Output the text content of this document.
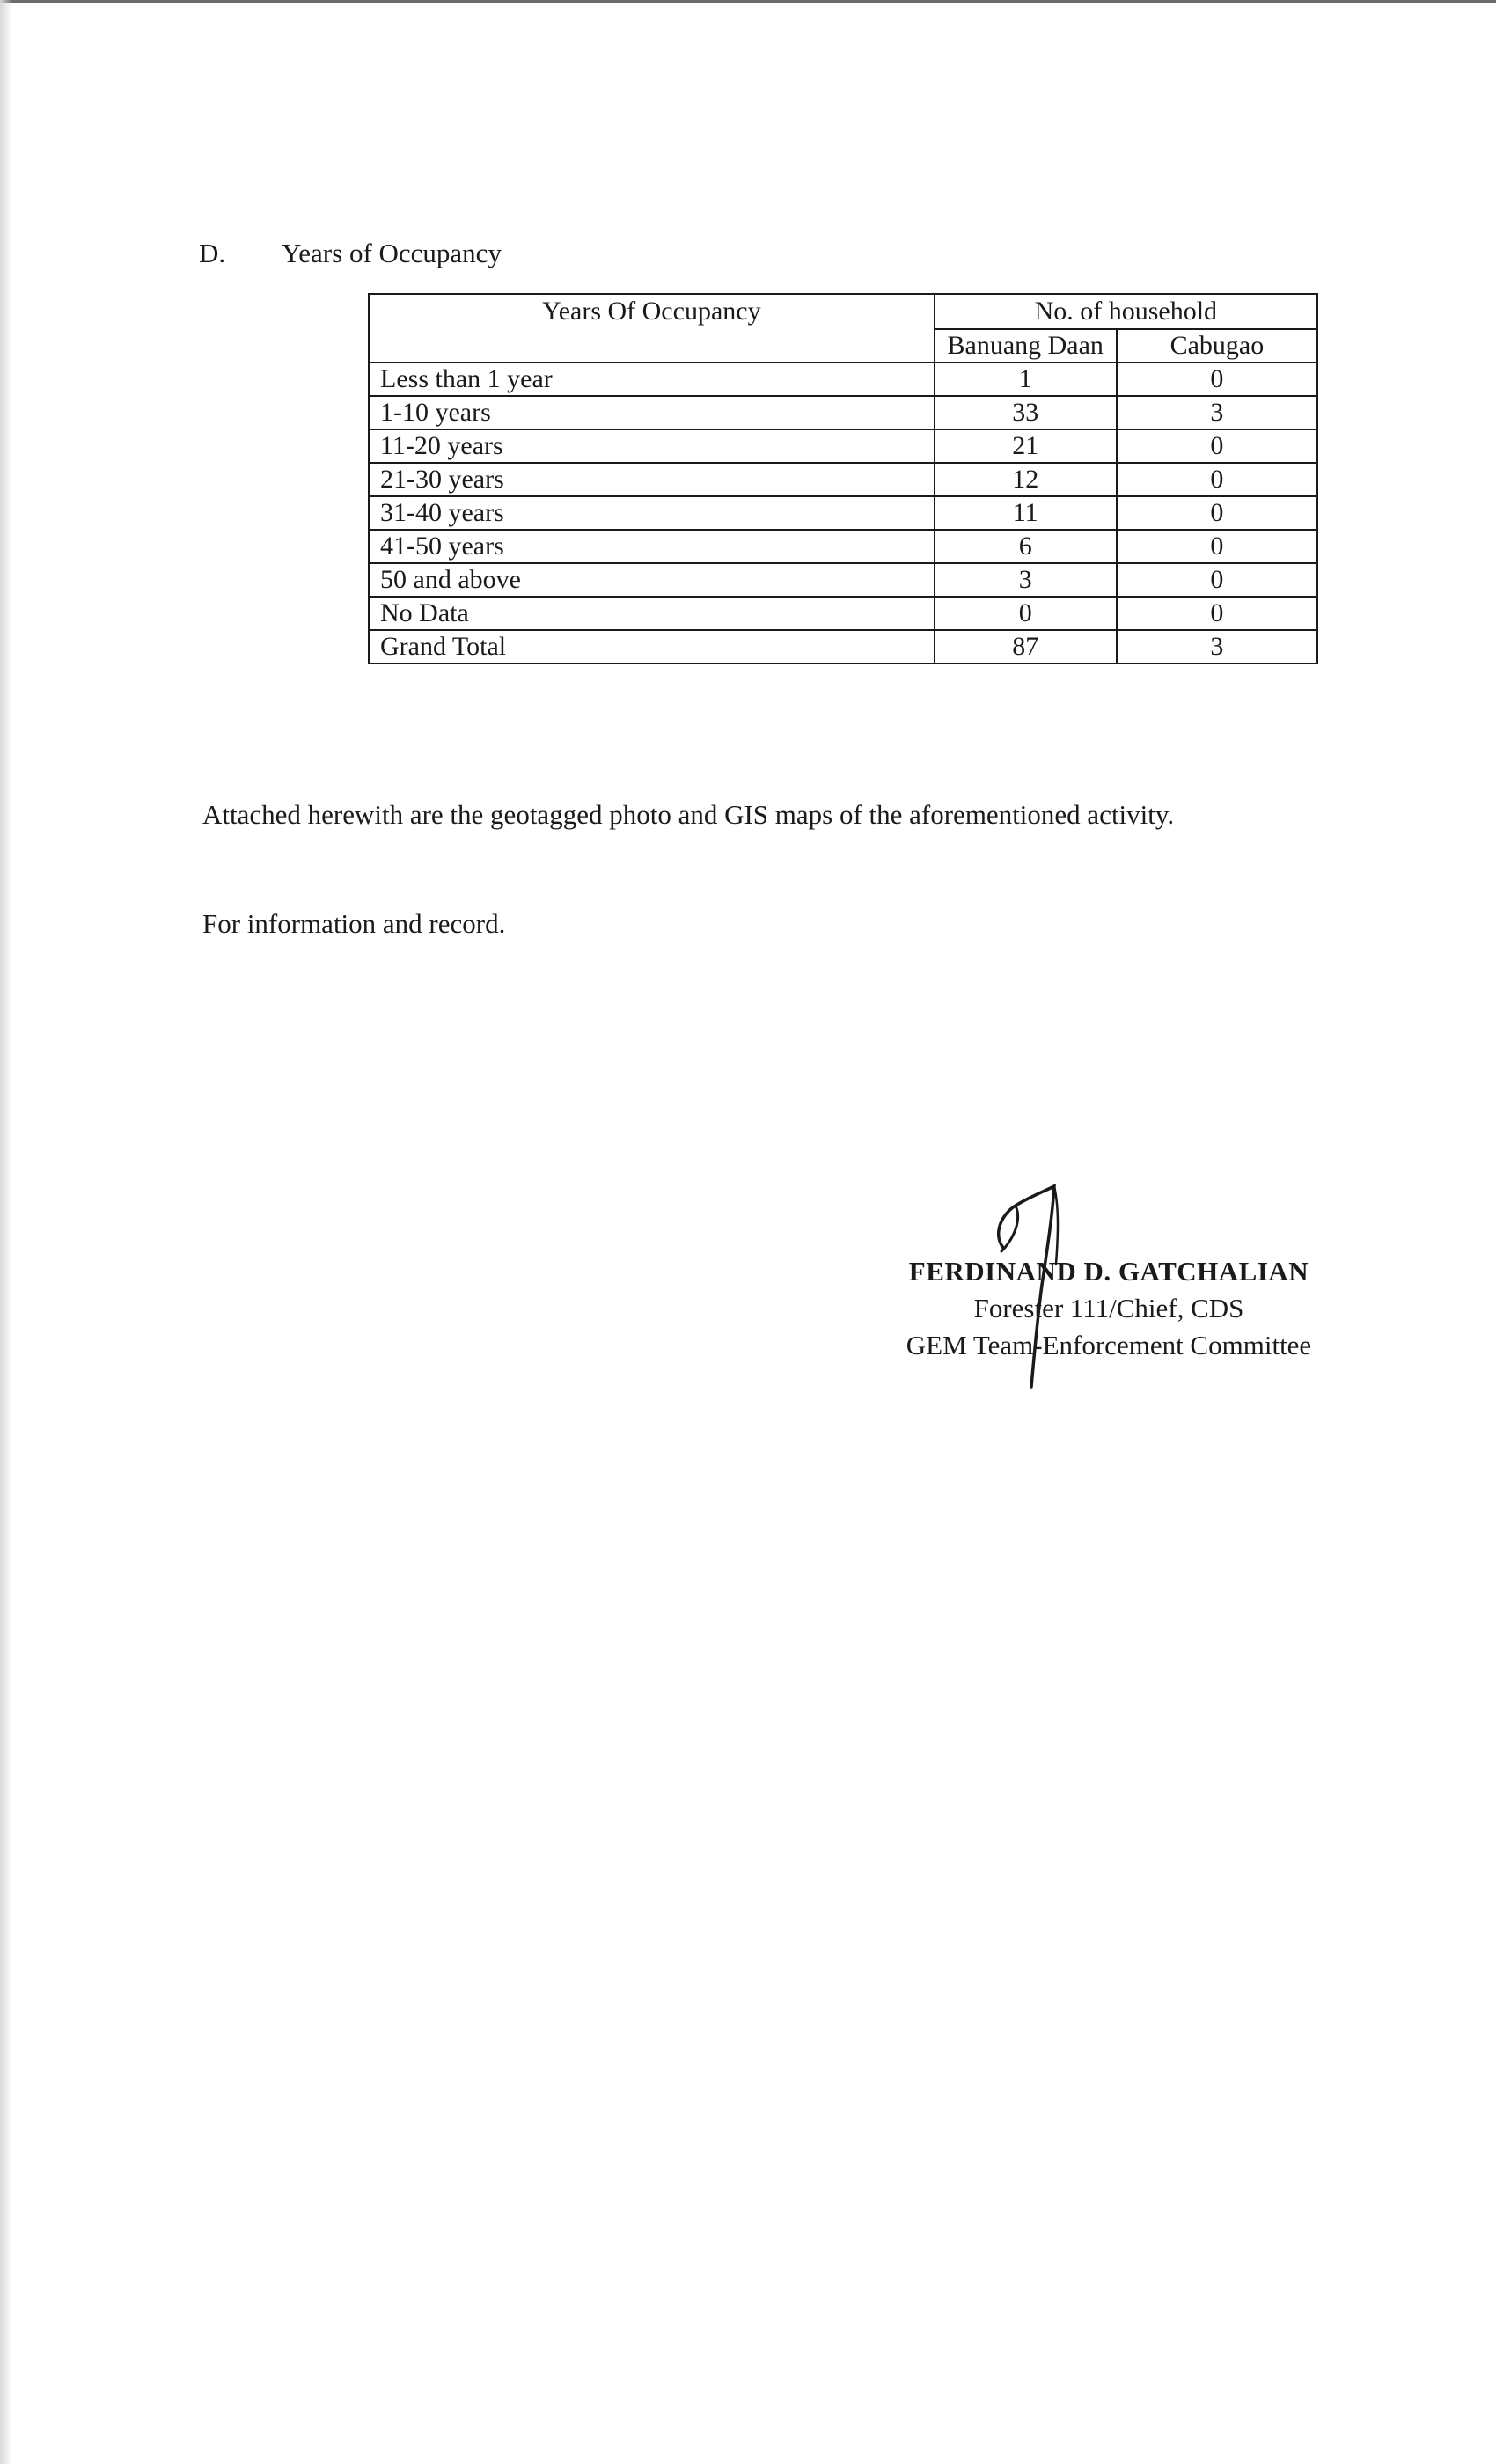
D. Years of Occupancy
Years Of Occupancy	No. of household	
	Banuang Daan	Cabugao
Less than 1 year	1	0
1-10 years	33	3
11-20 years	21	0
21-30 years	12	0
31-40 years	11	0
41-50 years	6	0
50 and above	3	0
No Data	0	0
Grand Total	87	3
Attached herewith are the geotagged photo and GIS maps of the aforementioned activity.
For information and record.
FERDINAND D. GATCHALIAN
Forester 111/Chief, CDS
GEM Team-Enforcement Committee
